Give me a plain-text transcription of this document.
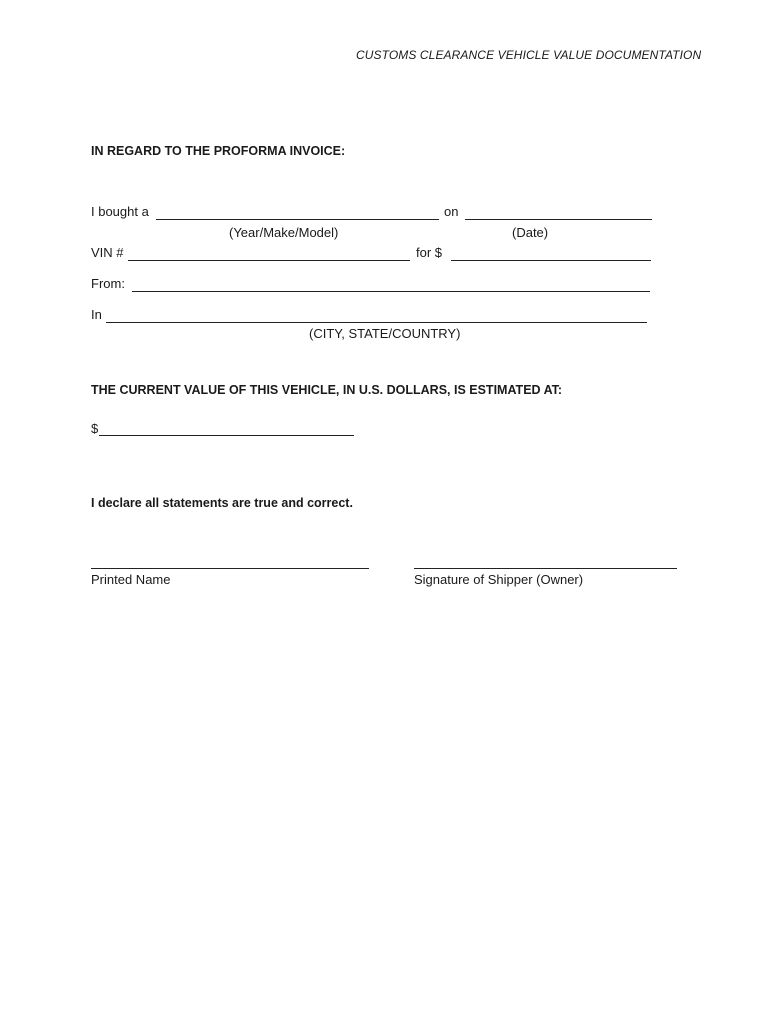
CUSTOMS CLEARANCE VEHICLE VALUE DOCUMENTATION
IN REGARD TO THE PROFORMA INVOICE:
I bought a	on
(Year/Make/Model)	(Date)
VIN #	for $
From:
In
(CITY, STATE/COUNTRY)
THE CURRENT VALUE OF THIS VEHICLE, IN U.S. DOLLARS, IS ESTIMATED AT:
$
I declare all statements are true and correct.
Printed Name	Signature of Shipper (Owner)
